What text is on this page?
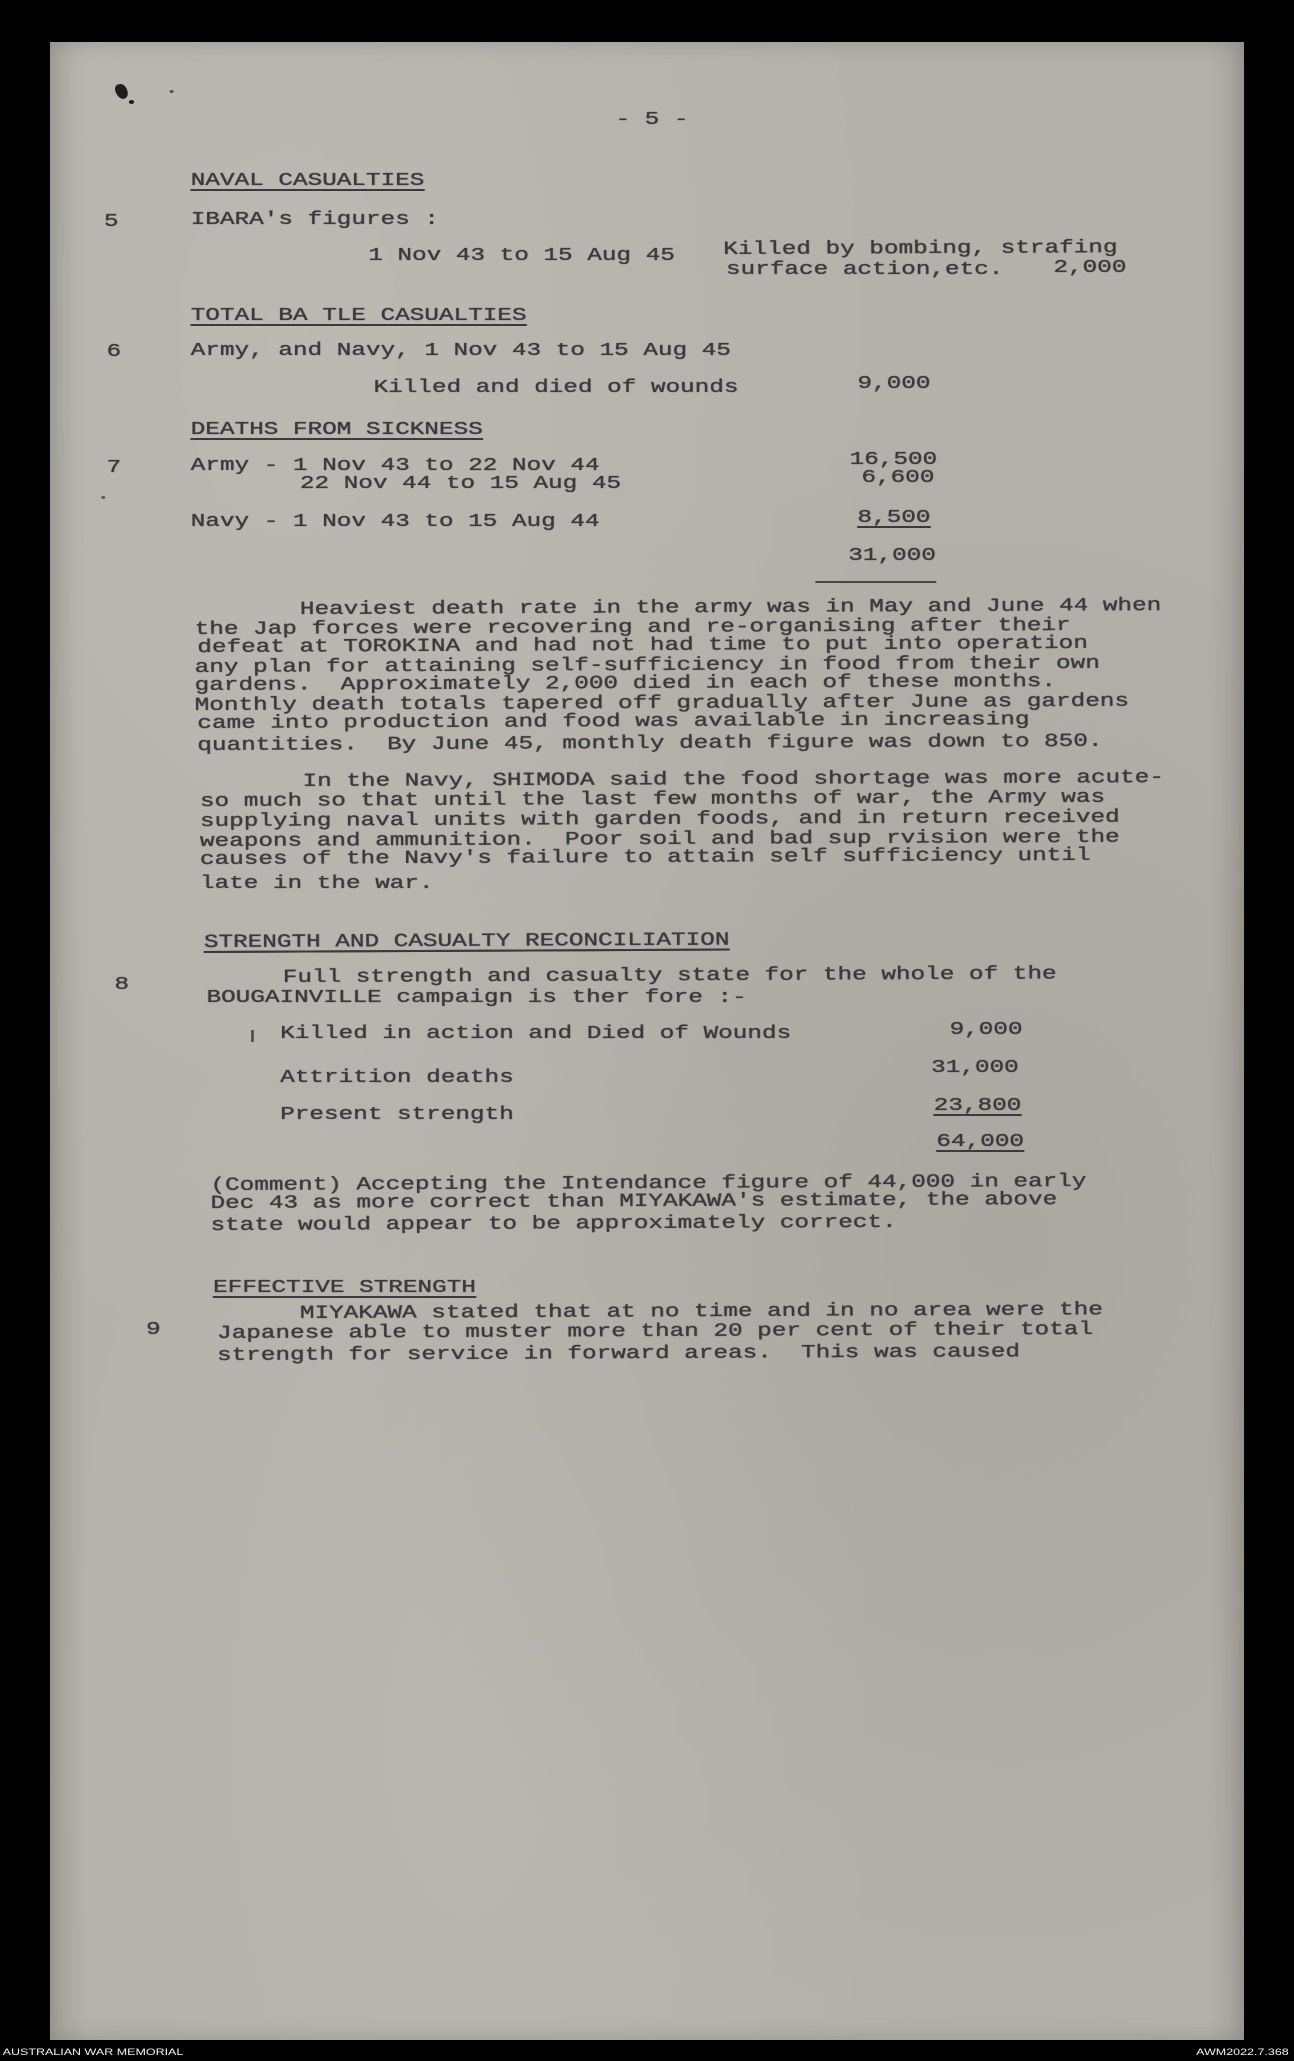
- 5 -
NAVAL CASUALTIES
5	IBARA's figures :
1 Nov 43 to 15 Aug 45	Killed by bombing, strafing
surface action,etc.	2,000
TOTAL BA TLE CASUALTIES
6	Army, and Navy, 1 Nov 43 to 15 Aug 45
Killed and died of wounds	9,000
DEATHS FROM SICKNESS
7	Army - 1 Nov 43 to 22 Nov 44	16,500
22 Nov 44 to 15 Aug 45	6,600
Navy - 1 Nov 43 to 15 Aug 44	8,500
31,000
Heaviest death rate in the army was in May and June 44 when
the Jap forces were recovering and re-organising after their
defeat at TOROKINA and had not had time to put into operation
any plan for attaining self-sufficiency in food from their own
gardens.  Approximately 2,000 died in each of these months.
Monthly death totals tapered off gradually after June as gardens
came into production and food was available in increasing
quantities.  By June 45, monthly death figure was down to 850.
In the Navy, SHIMODA said the food shortage was more acute-
so much so that until the last few months of war, the Army was
supplying naval units with garden foods, and in return received
weapons and ammunition.  Poor soil and bad sup rvision were the
causes of the Navy's failure to attain self sufficiency until
late in the war.
STRENGTH AND CASUALTY RECONCILIATION
8	Full strength and casualty state for the whole of the
BOUGAINVILLE campaign is ther fore :-
Killed in action and Died of Wounds	9,000
Attrition deaths	31,000
Present strength	23,800
64,000
(Comment) Accepting the Intendance figure of 44,000 in early
Dec 43 as more correct than MIYAKAWA's estimate, the above
state would appear to be approximately correct.
EFFECTIVE STRENGTH
9
MIYAKAWA stated that at no time and in no area were the
Japanese able to muster more than 20 per cent of their total
strength for service in forward areas.  This was caused
AUSTRALIAN WAR MEMORIAL	AWM2022.7.368
